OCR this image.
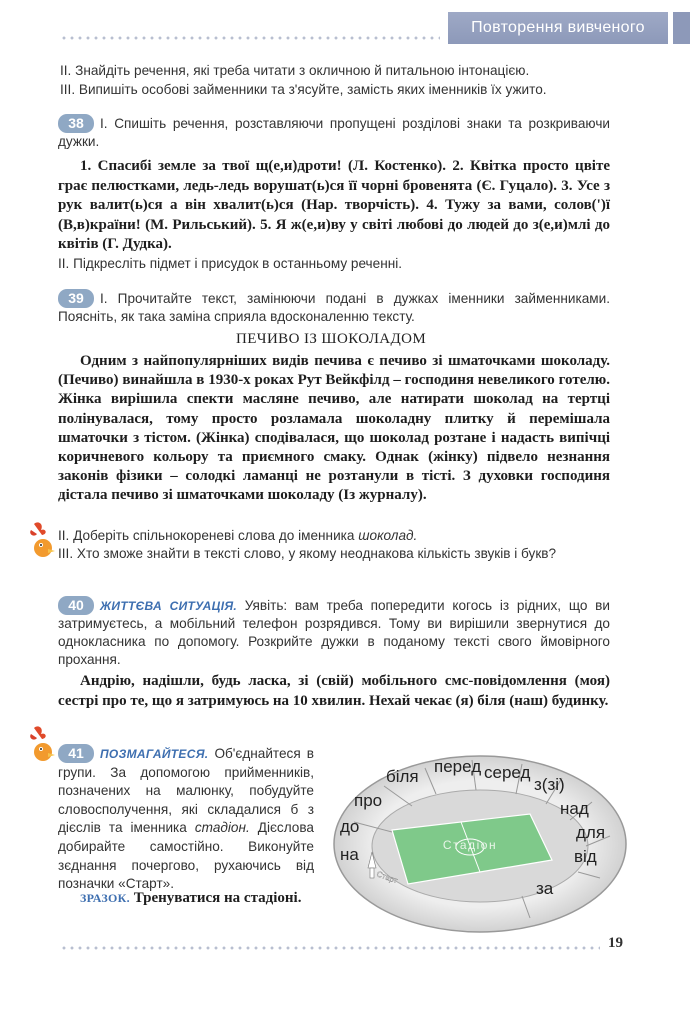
Повторення вивченого
II. Знайдіть речення, які треба читати з окличною й питальною інтонацією.
III. Випишіть особові займенники та з'ясуйте, замість яких іменників їх ужито.
38 I. Спишіть речення, розставляючи пропущені розділові знаки та розкриваючи дужки.
1. Спасибі земле за твої щ(е,и)дроти! (Л. Костенко). 2. Квітка просто цвіте грає пелюстками, ледь-ледь ворушат(ь)ся її чорні бровенята (Є. Гуцало). 3. Усе з рук валит(ь)ся а він хвалит(ь)ся (Нар. творчість). 4. Тужу за вами, солов(')ї (В,в)країни! (М. Рильський). 5. Я ж(е,и)ву у світі любові до людей до з(е,и)млі до квітів (Г. Дудка).
II. Підкресліть підмет і присудок в останньому реченні.
39 I. Прочитайте текст, замінюючи подані в дужках іменники займенниками. Поясніть, як така заміна сприяла вдосконаленню тексту.
ПЕЧИВО ІЗ ШОКОЛАДОМ
Одним з найпопулярніших видів печива є печиво зі шматочками шоколаду. (Печиво) винайшла в 1930-х роках Рут Вейкфілд – господиня невеликого готелю. Жінка вирішила спекти масляне печиво, але натирати шоколад на тертці полінувалася, тому просто розламала шоколадну плитку й перемішала шматочки з тістом. (Жінка) сподівалася, що шоколад розтане і надасть випічці коричневого кольору та приємного смаку. Однак (жінку) підвело незнання законів фізики – солодкі ламанці не розтанули в тісті. З духовки господиня дістала печиво зі шматочками шоколаду (Із журналу).
II. Доберіть спільнокореневі слова до іменника шоколад.
III. Хто зможе знайти в тексті слово, у якому неоднакова кількість звуків і букв?
40 ЖИТТЄВА СИТУАЦІЯ. Уявіть: вам треба попередити когось із рідних, що ви затримуєтесь, а мобільний телефон розрядився. Тому ви вирішили звернутися до однокласника по допомогу. Розкрийте дужки в поданому тексті свого ймовірного прохання.
Андрію, надішли, будь ласка, зі (свій) мобільного смс-повідомлення (моя) сестрі про те, що я затримуюсь на 10 хвилин. Нехай чекає (я) біля (наш) будинку.
41 ПОЗМАГАЙТЕСЯ. Об'єднайтеся в групи. За допомогою прийменників, позначених на малюнку, побудуйте словосполучення, які складалися б з дієслів та іменника стадіон. Дієслова добирайте самостійно. Виконуйте зєднання почергово, рухаючись від позначки «Старт».
ЗРАЗОК. Тренуватися на стадіоні.
Стадіон
Старт
на
до
про
біля
перед серед
з(зі)
над
для
від
за
19
